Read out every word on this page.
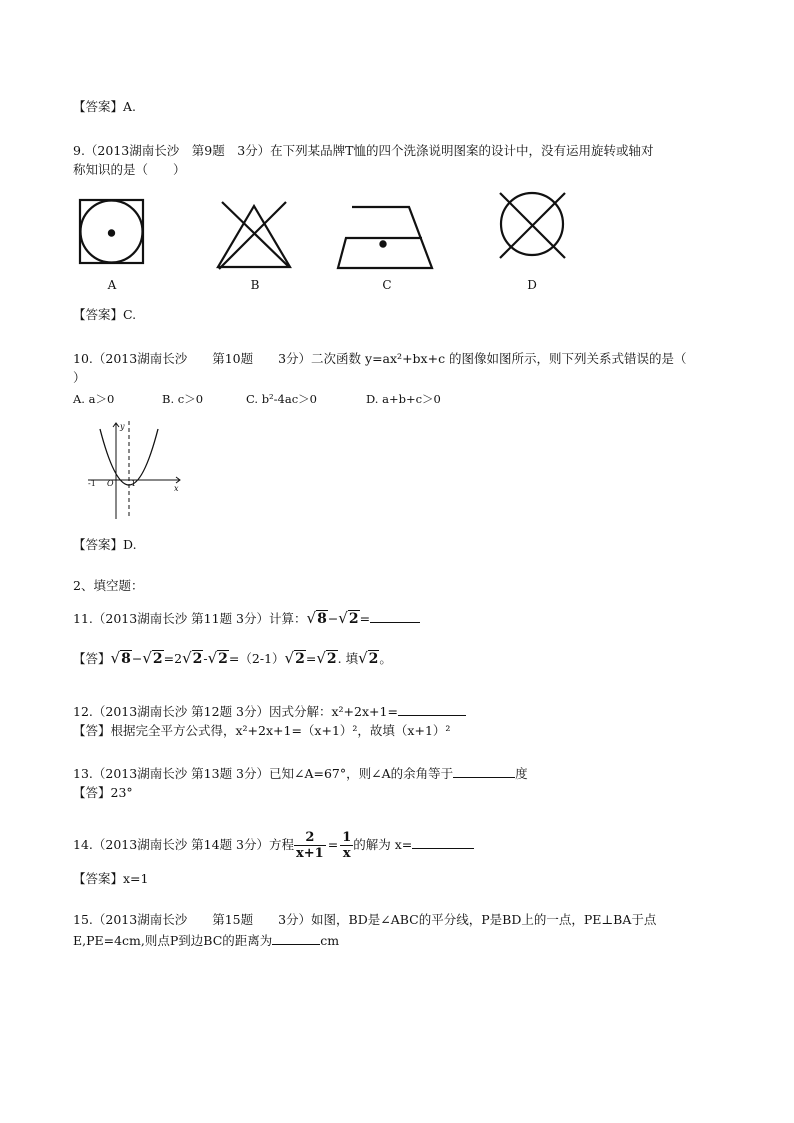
【答案】A.
9.（2013湖南长沙　第9题　3分）在下列某品牌T恤的四个洗涤说明图案的设计中，没有运用旋转或轴对
称知识的是（　　）
A	B	C	D
【答案】C.
10.（2013湖南长沙　　第10题　　3分）二次函数 y=ax²+bx+c 的图像如图所示，则下列关系式错误的是（
）
A. a＞0	B. c＞0	C. b²-4ac＞0	D. a+b+c＞0
y
x
-1 O 1
【答案】D.
2、填空题：
11.（2013湖南长沙 第11题 3分）计算：√8−√2=
【答】√8−√2=2√2-√2=（2-1）√2=√2. 填√2。
12.（2013湖南长沙 第12题 3分）因式分解：x²+2x+1=
【答】根据完全平方公式得，x²+2x+1=（x+1）²，故填（x+1）²
13.（2013湖南长沙 第13题 3分）已知∠A=67°，则∠A的余角等于	度
【答】23°
14.（2013湖南长沙 第14题 3分）方程 $\frac{2}{x+1} = \frac{1}{x}$ 的解为 x=
【答案】x=1
15.（2013湖南长沙　　第15题　　3分）如图，BD是∠ABC的平分线，P是BD上的一点，PE⊥BA于点
E,PE=4cm,则点P到边BC的距离为	cm
